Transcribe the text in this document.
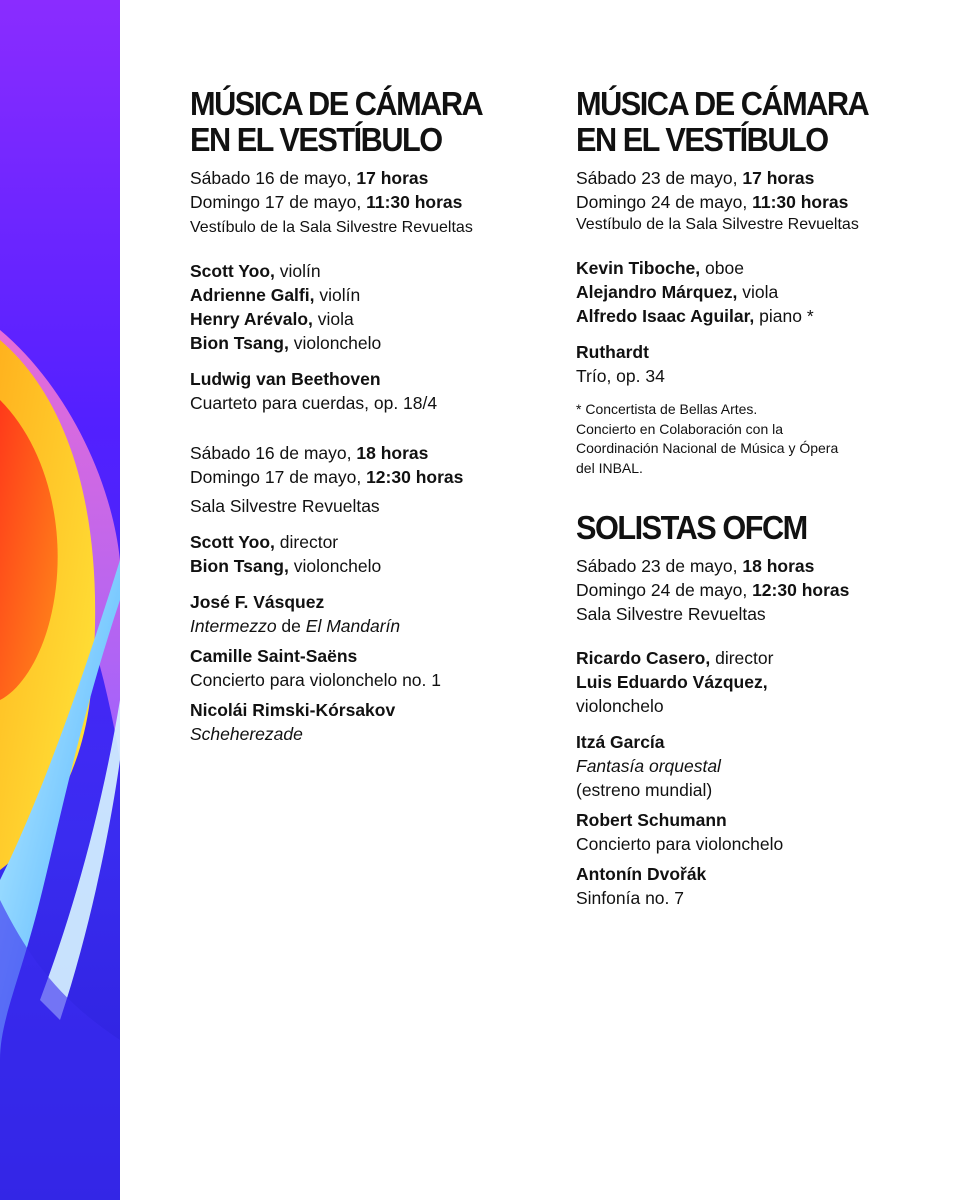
MÚSICA DE CÁMARA
EN EL VESTÍBULO
Sábado 16 de mayo, 17 horas
Domingo 17 de mayo, 11:30 horas
Vestíbulo de la Sala Silvestre Revueltas
Scott Yoo, violín
Adrienne Galfi, violín
Henry Arévalo, viola
Bion Tsang, violonchelo
Ludwig van Beethoven
Cuarteto para cuerdas, op. 18/4
Sábado 16 de mayo, 18 horas
Domingo 17 de mayo, 12:30 horas
Sala Silvestre Revueltas
Scott Yoo, director
Bion Tsang, violonchelo
José F. Vásquez
Intermezzo de El Mandarín
Camille Saint-Saëns
Concierto para violonchelo no. 1
Nicolái Rimski-Kórsakov
Scheherezade
MÚSICA DE CÁMARA
EN EL VESTÍBULO
Sábado 23 de mayo, 17 horas
Domingo 24 de mayo, 11:30 horas
Vestíbulo de la Sala Silvestre Revueltas
Kevin Tiboche, oboe
Alejandro Márquez, viola
Alfredo Isaac Aguilar, piano *
Ruthardt
Trío, op. 34
* Concertista de Bellas Artes.
Concierto en Colaboración con la
Coordinación Nacional de Música y Ópera
del INBAL.
SOLISTAS OFCM
Sábado 23 de mayo, 18 horas
Domingo 24 de mayo, 12:30 horas
Sala Silvestre Revueltas
Ricardo Casero, director
Luis Eduardo Vázquez,
violonchelo
Itzá García
Fantasía orquestal
(estreno mundial)
Robert Schumann
Concierto para violonchelo
Antonín Dvořák
Sinfonía no. 7
